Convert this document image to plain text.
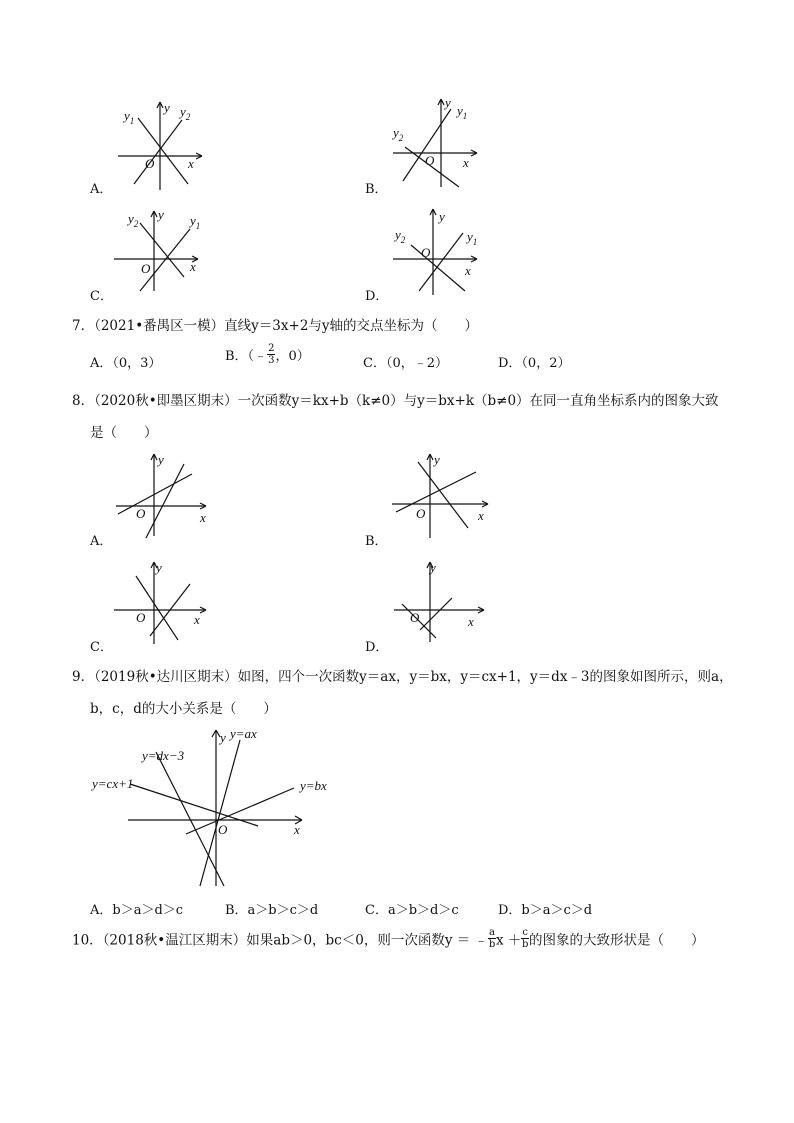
$y_1$
$y_2$
y
x
O
A．
$y_1$
$y_2$
y
x
O
B．
$y_2$	$y_1$
y
x
O
C．
$y_2$	$y_1$
y
x
O
D．
7．（2021•番禺区一模）直线y＝3x+2与y轴的交点坐标为（　　）
A．（0，3）	B．（﹣ $\frac{2}{3}$ ，0）	C．（0，﹣2）	D．（0，2）
8．（2020秋•即墨区期末）一次函数y＝kx+b（k≠0）与y＝bx+k（b≠0）在同一直角坐标系内的图象大致
是（　　）
y
x
O
A．
y
x
O
B．
y
x
O
C．
y
x
O
D．
9．（2019秋•达川区期末）如图，四个一次函数y＝ax，y＝bx，y＝cx+1，y＝dx﹣3的图象如图所示，则a，
b，c，d的大小关系是（　　）
y=ax
y=dx−3
y=cx+1	y=bx
y
x
O
A．b＞a＞d＞c	B．a＞b＞c＞d	C．a＞b＞d＞c	D．b＞a＞c＞d
10．（2018秋•温江区期末）如果ab＞0，bc＜0，则一次函数y ＝ ﹣ $\frac{a}{b}$ $x + \frac{c}{b}$ 的图象的大致形状是（　　）
